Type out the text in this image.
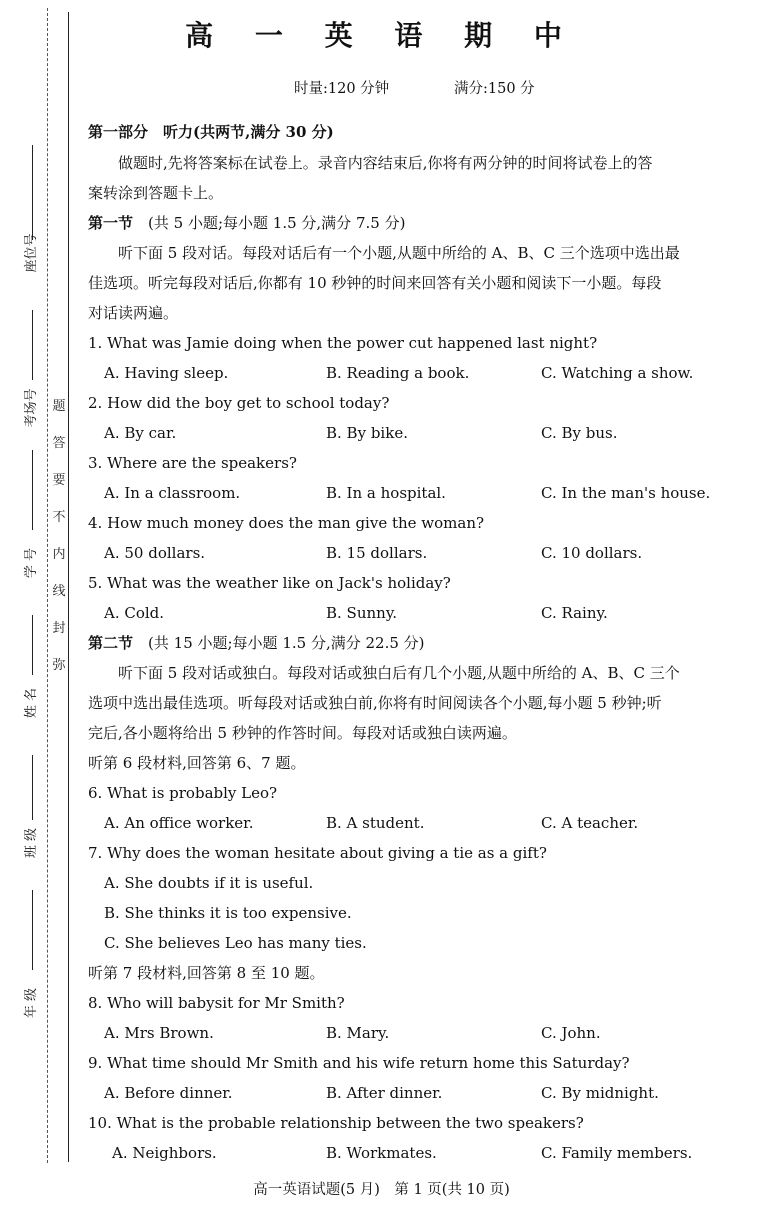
题
答
要
不
内
线
封
弥
座位号
考场号
学 号
姓 名
班 级
年 级
高 一 英 语 期 中
时量:120 分钟	满分:150 分
第一部分　听力(共两节,满分 30 分)
做题时,先将答案标在试卷上。录音内容结束后,你将有两分钟的时间将试卷上的答
案转涂到答题卡上。
第一节　 (共 5 小题;每小题 1.5 分,满分 7.5 分)
听下面 5 段对话。每段对话后有一个小题,从题中所给的 A、B、C 三个选项中选出最
佳选项。听完每段对话后,你都有 10 秒钟的时间来回答有关小题和阅读下一小题。每段
对话读两遍。
1. What was Jamie doing when the power cut happened last night?
A. Having sleep.	B. Reading a book.	C. Watching a show.
2. How did the boy get to school today?
A. By car.	B. By bike.	C. By bus.
3. Where are the speakers?
A. In a classroom.	B. In a hospital.	C. In the man's house.
4. How much money does the man give the woman?
A. 50 dollars.	B. 15 dollars.	C. 10 dollars.
5. What was the weather like on Jack's holiday?
A. Cold.	B. Sunny.	C. Rainy.
第二节　 (共 15 小题;每小题 1.5 分,满分 22.5 分)
听下面 5 段对话或独白。每段对话或独白后有几个小题,从题中所给的 A、B、C 三个
选项中选出最佳选项。听每段对话或独白前,你将有时间阅读各个小题,每小题 5 秒钟;听
完后,各小题将给出 5 秒钟的作答时间。每段对话或独白读两遍。
听第 6 段材料,回答第 6、7 题。
6. What is probably Leo?
A. An office worker.	B. A student.	C. A teacher.
7. Why does the woman hesitate about giving a tie as a gift?
A. She doubts if it is useful.
B. She thinks it is too expensive.
C. She believes Leo has many ties.
听第 7 段材料,回答第 8 至 10 题。
8. Who will babysit for Mr Smith?
A. Mrs Brown.	B. Mary.	C. John.
9. What time should Mr Smith and his wife return home this Saturday?
A. Before dinner.	B. After dinner.	C. By midnight.
10. What is the probable relationship between the two speakers?
A. Neighbors.	B. Workmates.	C. Family members.
高一英语试题(5 月)　第 1 页(共 10 页)
